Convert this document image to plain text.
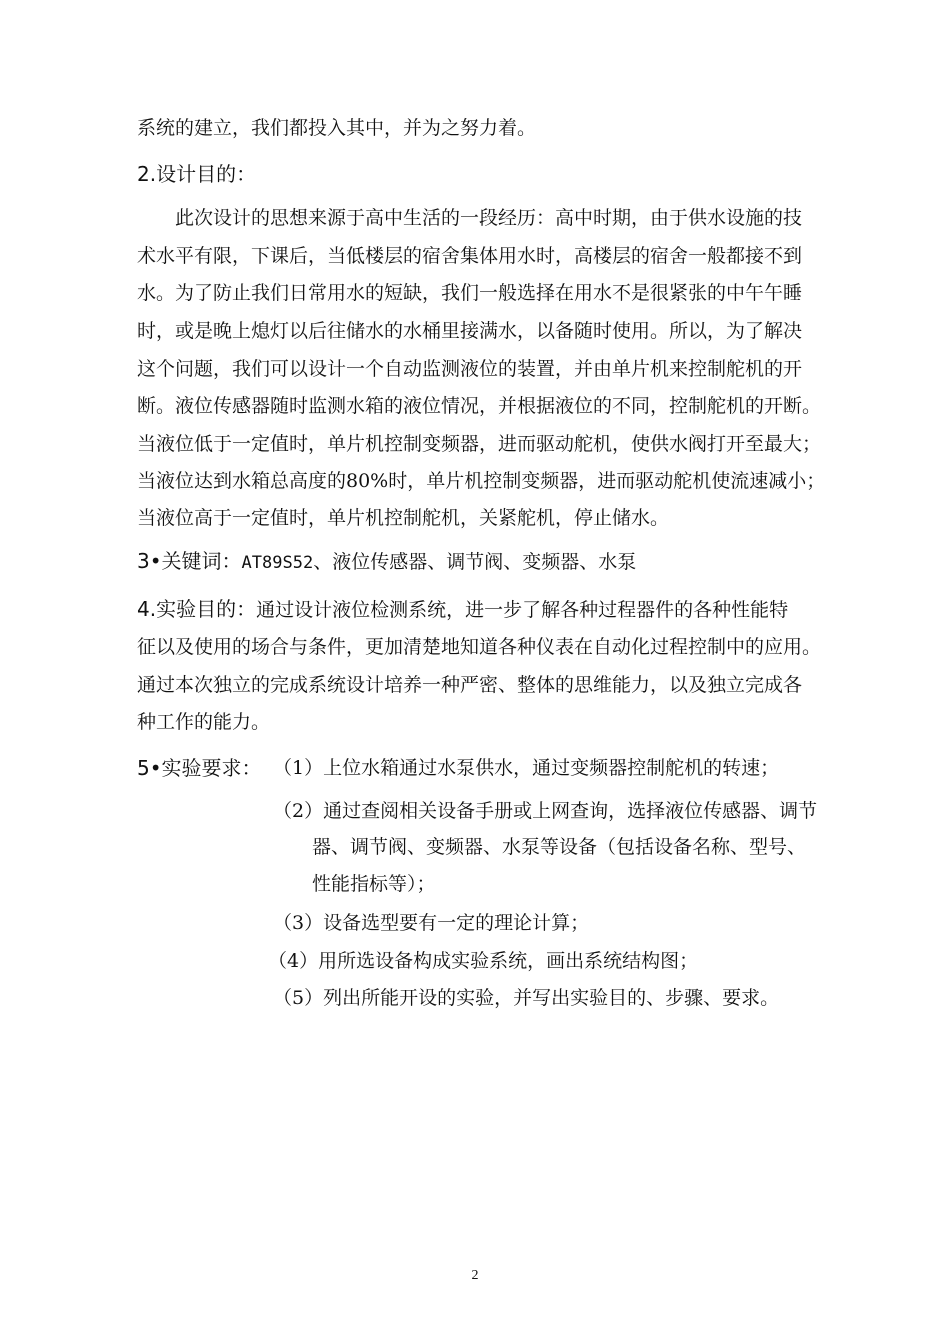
系统的建立，我们都投入其中，并为之努力着。
2.设计目的：
此次设计的思想来源于高中生活的一段经历：高中时期，由于供水设施的技
术水平有限，下课后，当低楼层的宿舍集体用水时，高楼层的宿舍一般都接不到
水。为了防止我们日常用水的短缺，我们一般选择在用水不是很紧张的中午午睡
时，或是晚上熄灯以后往储水的水桶里接满水，以备随时使用。所以，为了解决
这个问题，我们可以设计一个自动监测液位的装置，并由单片机来控制舵机的开
断。液位传感器随时监测水箱的液位情况，并根据液位的不同，控制舵机的开断。
当液位低于一定值时，单片机控制变频器，进而驱动舵机，使供水阀打开至最大；
当液位达到水箱总高度的80%时，单片机控制变频器，进而驱动舵机使流速减小；
当液位高于一定值时，单片机控制舵机，关紧舵机，停止储水。
3•关键词：AT89S52、液位传感器、调节阀、变频器、水泵
4.实验目的：通过设计液位检测系统，进一步了解各种过程器件的各种性能特
征以及使用的场合与条件，更加清楚地知道各种仪表在自动化过程控制中的应用。
通过本次独立的完成系统设计培养一种严密、整体的思维能力，以及独立完成各
种工作的能力。
5•实验要求： （1）上位水箱通过水泵供水，通过变频器控制舵机的转速；
（2）通过查阅相关设备手册或上网查询，选择液位传感器、调节
器、调节阀、变频器、水泵等设备（包括设备名称、型号、
性能指标等）；
（3）设备选型要有一定的理论计算；
（4）用所选设备构成实验系统，画出系统结构图；
（5）列出所能开设的实验，并写出实验目的、步骤、要求。
2
